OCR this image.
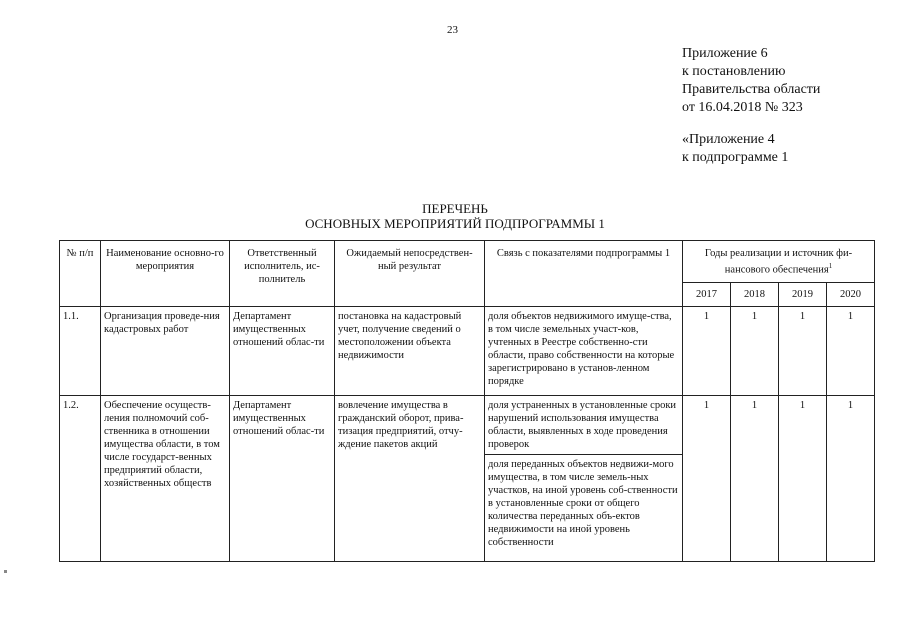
23
Приложение 6
к постановлению
Правительства области
от 16.04.2018 № 323
«Приложение 4
к подпрограмме 1
ПЕРЕЧЕНЬ
ОСНОВНЫХ МЕРОПРИЯТИЙ ПОДПРОГРАММЫ 1
№ п/п	Наименование основно-го мероприятия	Ответственный исполнитель, ис-полнитель	Ожидаемый непосредствен-ный результат	Связь с показателями подпрограммы 1	Годы реализации и источник фи-нансового обеспечения$^1$
					2017	2018	2019	2020
1.1.	Организация проведе-ния кадастровых работ	Департамент имущественных отношений облас-ти	постановка на кадастровый учет, получение сведений о местоположении объекта недвижимости	доля объектов недвижимого имуще-ства, в том числе земельных участ-ков, учтенных в Реестре собственно-сти области, право собственности на которые зарегистрировано в установ-ленном порядке	1	1	1	1
1.2.	Обеспечение осуществ-ления полномочий соб-ственника в отношении имущества области, в том числе государст-венных предприятий области, хозяйственных обществ	Департамент имущественных отношений облас-ти	вовлечение имущества в гражданский оборот, прива-тизация предприятий, отчу-ждение пакетов акций	доля устраненных в установленные сроки нарушений использования имущества области, выявленных в ходе проведения проверок	1	1	1	1
				доля переданных объектов недвижи-мого имущества, в том числе земель-ных участков, на иной уровень соб-ственности в установленные сроки от общего количества переданных объ-ектов недвижимости на иной уровень собственности				
